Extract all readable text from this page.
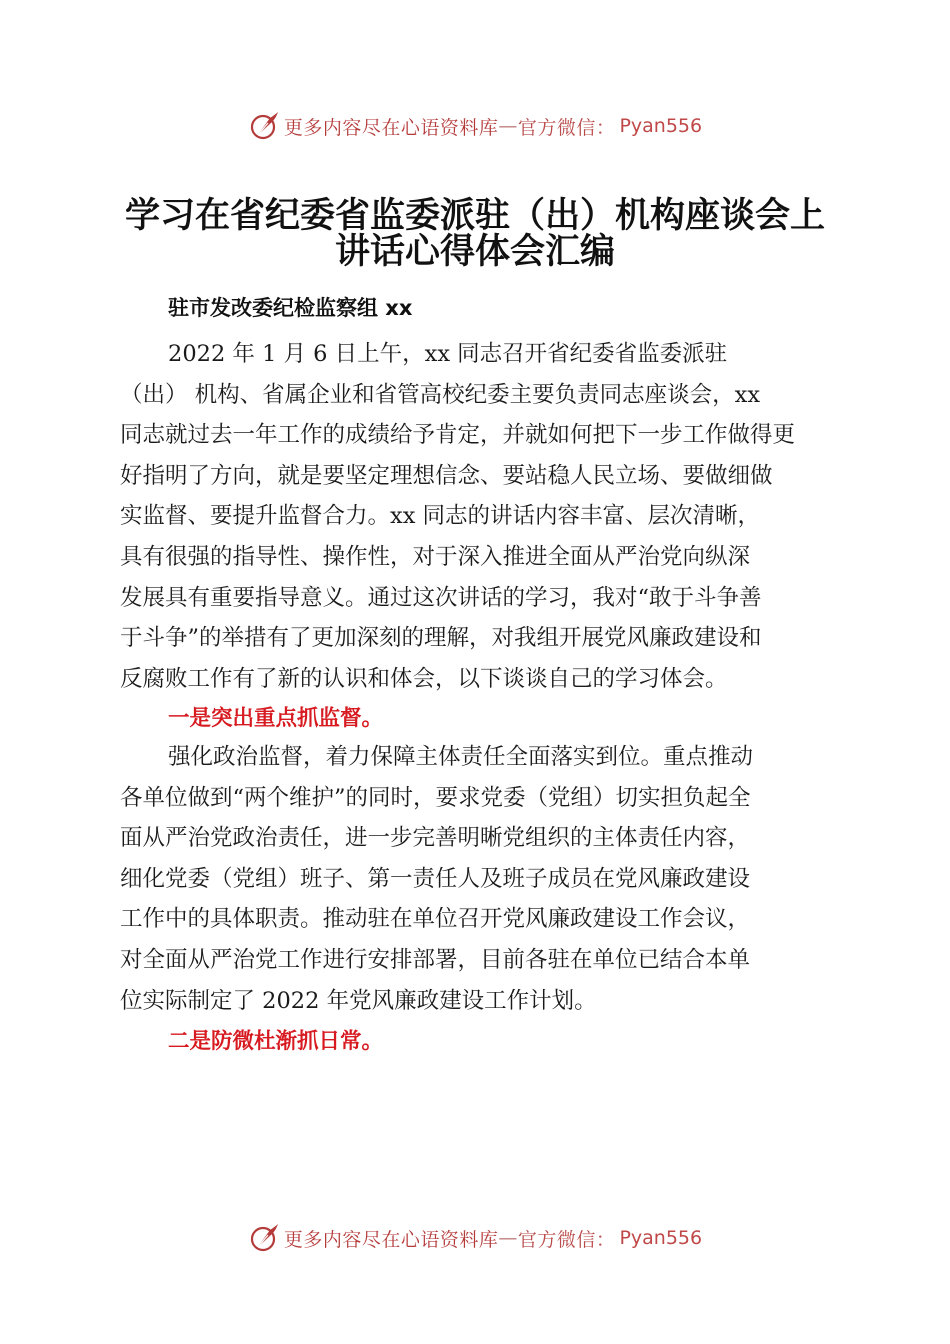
更多内容尽在心语资料库 — 官方微信： Pyan556
学习在省纪委省监委派驻（出）机构座谈会上
讲话心得体会汇编
驻市发改委纪检监察组 xx
2022 年 1 月 6 日上午，xx 同志召开省纪委省监委派驻
（出） 机构、省属企业和省管高校纪委主要负责同志座谈会，xx
同志就过去一年工作的成绩给予肯定，并就如何把下一步工作做得更
好指明了方向，就是要坚定理想信念、要站稳人民立场、要做细做
实监督、要提升监督合力。xx 同志的讲话内容丰富、层次清晰，
具有很强的指导性、操作性，对于深入推进全面从严治党向纵深
发展具有重要指导意义。通过这次讲话的学习，我对“敢于斗争善
于斗争”的举措有了更加深刻的理解，对我组开展党风廉政建设和
反腐败工作有了新的认识和体会，以下谈谈自己的学习体会。
一是突出重点抓监督。
强化政治监督，着力保障主体责任全面落实到位。重点推动
各单位做到“两个维护”的同时，要求党委（党组）切实担负起全
面从严治党政治责任，进一步完善明晰党组织的主体责任内容，
细化党委（党组）班子、第一责任人及班子成员在党风廉政建设
工作中的具体职责。推动驻在单位召开党风廉政建设工作会议，
对全面从严治党工作进行安排部署，目前各驻在单位已结合本单
位实际制定了 2022 年党风廉政建设工作计划。
二是防微杜渐抓日常。
更多内容尽在心语资料库 — 官方微信： Pyan556
